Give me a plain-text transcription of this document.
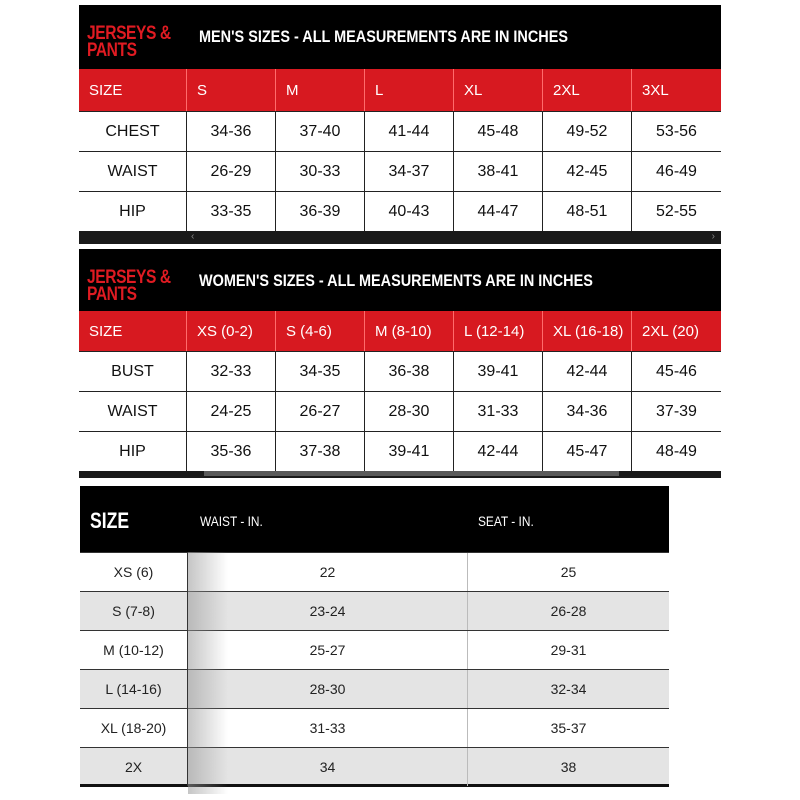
JERSEYS &
PANTS
MEN'S SIZES - ALL MEASUREMENTS ARE IN INCHES
SIZE	S	M	L	XL	2XL	3XL
CHEST	34-36	37-40	41-44	45-48	49-52	53-56
WAIST	26-29	30-33	34-37	38-41	42-45	46-49
HIP	33-35	36-39	40-43	44-47	48-51	52-55
‹	›
JERSEYS &
PANTS
WOMEN'S SIZES - ALL MEASUREMENTS ARE IN INCHES
SIZE	XS (0-2)	S (4-6)	M (8-10)	L (12-14)	XL (16-18)	2XL (20)
BUST	32-33	34-35	36-38	39-41	42-44	45-46
WAIST	24-25	26-27	28-30	31-33	34-36	37-39
HIP	35-36	37-38	39-41	42-44	45-47	48-49
SIZE	WAIST - IN.	SEAT - IN.
XS (6)	22	25
S (7-8)	23-24	26-28
M (10-12)	25-27	29-31
L (14-16)	28-30	32-34
XL (18-20)	31-33	35-37
2X	34	38
